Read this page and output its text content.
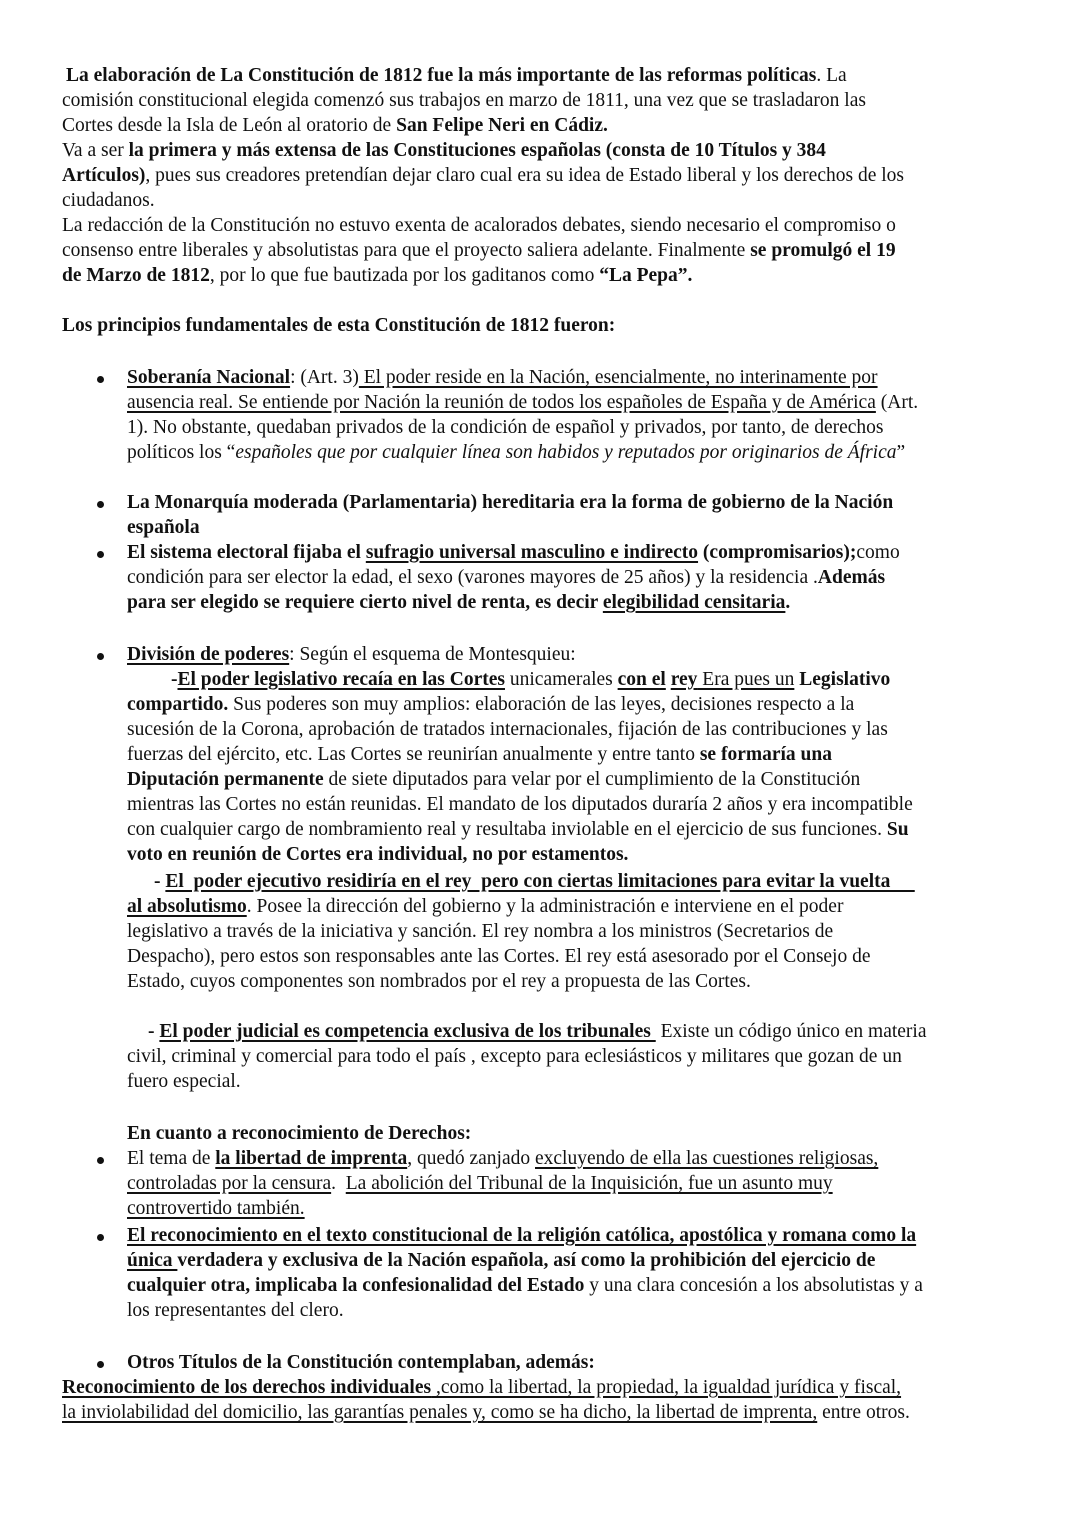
La elaboración de La Constitución de 1812 fue la más importante de las reformas políticas. La
comisión constitucional elegida comenzó sus trabajos en marzo de 1811, una vez que se trasladaron las
Cortes desde la Isla de León al oratorio de San Felipe Neri en Cádiz.
Va a ser la primera y más extensa de las Constituciones españolas (consta de 10 Títulos y 384
Artículos), pues sus creadores pretendían dejar claro cual era su idea de Estado liberal y los derechos de los
ciudadanos.
La redacción de la Constitución no estuvo exenta de acalorados debates, siendo necesario el compromiso o
consenso entre liberales y absolutistas para que el proyecto saliera adelante. Finalmente se promulgó el 19
de Marzo de 1812, por lo que fue bautizada por los gaditanos como “La Pepa”.
Los principios fundamentales de esta Constitución de 1812 fueron:
Soberanía Nacional: (Art. 3) El poder reside en la Nación, esencialmente, no interinamente por
ausencia real. Se entiende por Nación la reunión de todos los españoles de España y de América (Art.
1). No obstante, quedaban privados de la condición de español y privados, por tanto, de derechos
políticos los “españoles que por cualquier línea son habidos y reputados por originarios de África”
La Monarquía moderada (Parlamentaria) hereditaria era la forma de gobierno de la Nación
española
El sistema electoral fijaba el sufragio universal masculino e indirecto (compromisarios);como
condición para ser elector la edad, el sexo (varones mayores de 25 años) y la residencia .Además
para ser elegido se requiere cierto nivel de renta, es decir elegibilidad censitaria.
División de poderes: Según el esquema de Montesquieu:
-El poder legislativo recaía en las Cortes unicamerales con el rey Era pues un Legislativo
compartido. Sus poderes son muy amplios: elaboración de las leyes, decisiones respecto a la
sucesión de la Corona, aprobación de tratados internacionales, fijación de las contribuciones y las
fuerzas del ejército, etc. Las Cortes se reunirían anualmente y entre tanto se formaría una
Diputación permanente de siete diputados para velar por el cumplimiento de la Constitución
mientras las Cortes no están reunidas. El mandato de los diputados duraría 2 años y era incompatible
con cualquier cargo de nombramiento real y resultaba inviolable en el ejercicio de sus funciones. Su
voto en reunión de Cortes era individual, no por estamentos.
- El  poder ejecutivo residiría en el rey  pero con ciertas limitaciones para evitar la vuelta
al absolutismo. Posee la dirección del gobierno y la administración e interviene en el poder
legislativo a través de la iniciativa y sanción. El rey nombra a los ministros (Secretarios de
Despacho), pero estos son responsables ante las Cortes. El rey está asesorado por el Consejo de
Estado, cuyos componentes son nombrados por el rey a propuesta de las Cortes.
- El poder judicial es competencia exclusiva de los tribunales  Existe un código único en materia
civil, criminal y comercial para todo el país , excepto para eclesiásticos y militares que gozan de un
fuero especial.
En cuanto a reconocimiento de Derechos:
El tema de la libertad de imprenta, quedó zanjado excluyendo de ella las cuestiones religiosas,
controladas por la censura.  La abolición del Tribunal de la Inquisición, fue un asunto muy
controvertido también.
El reconocimiento en el texto constitucional de la religión católica, apostólica y romana como la
única verdadera y exclusiva de la Nación española, así como la prohibición del ejercicio de
cualquier otra, implicaba la confesionalidad del Estado y una clara concesión a los absolutistas y a
los representantes del clero.
Otros Títulos de la Constitución contemplaban, además:
Reconocimiento de los derechos individuales ,como la libertad, la propiedad, la igualdad jurídica y fiscal,
la inviolabilidad del domicilio, las garantías penales y, como se ha dicho, la libertad de imprenta, entre otros.
